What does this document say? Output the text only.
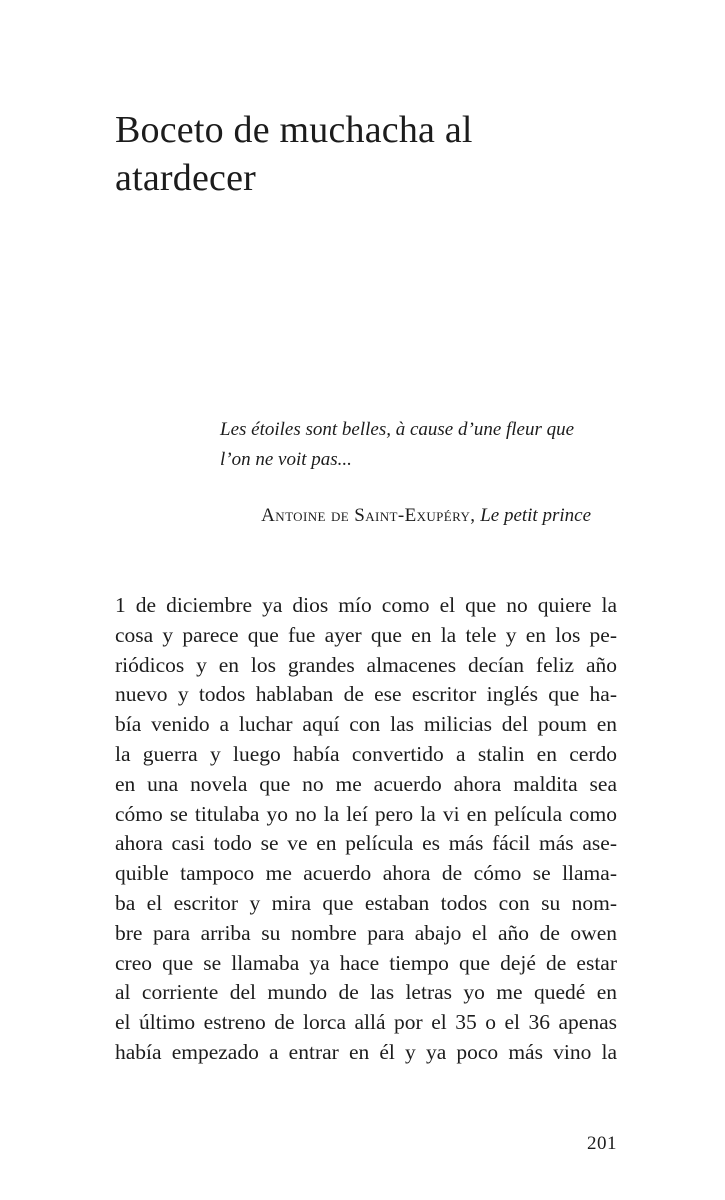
Boceto de muchacha al atardecer
Les étoiles sont belles, à cause d’une fleur que
l’on ne voit pas...
Antoine de Saint-Exupéry, Le petit prince
1 de diciembre ya dios mío como el que no quiere la
cosa y parece que fue ayer que en la tele y en los pe-
riódicos y en los grandes almacenes decían feliz año
nuevo y todos hablaban de ese escritor inglés que ha-
bía venido a luchar aquí con las milicias del poum en
la guerra y luego había convertido a stalin en cerdo
en una novela que no me acuerdo ahora maldita sea
cómo se titulaba yo no la leí pero la vi en película como
ahora casi todo se ve en película es más fácil más ase-
quible tampoco me acuerdo ahora de cómo se llama-
ba el escritor y mira que estaban todos con su nom-
bre para arriba su nombre para abajo el año de owen
creo que se llamaba ya hace tiempo que dejé de estar
al corriente del mundo de las letras yo me quedé en
el último estreno de lorca allá por el 35 o el 36 apenas
había empezado a entrar en él y ya poco más vino la
201
